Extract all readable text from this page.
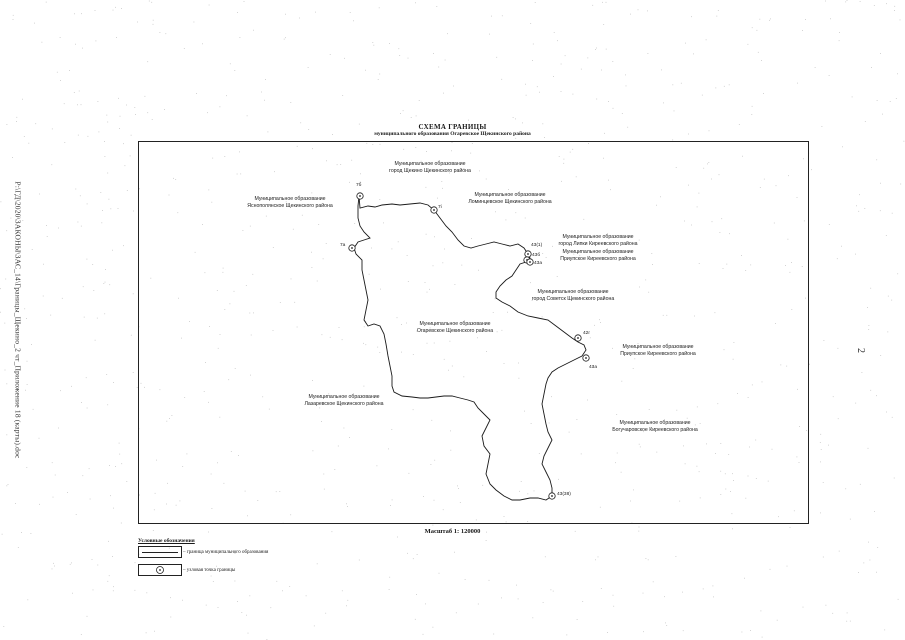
P:\ГД\2020\ЗАКОНЫ\ЗАС_14\Границы_Щекино_2 чт_Приложение 18 (карты).doc	2
СХЕМА ГРАНИЦЫ
муниципального образования Огаревское Щекинского района
7б
7і
7а	43(1)
43б
43а
42г
43а
43(38)
Муниципальное образование
город Щекино Щекинского района
Муниципальное образование
Ломинцевское Щекинского района
Муниципальное образование
Яснополянское Щекинского района
Муниципальное образование
город Липки Киреевского района
Муниципальное образование
Приупское Киреевского района
Муниципальное образование
город Советск Щекинского района
Муниципальное образование
Огаревское Щекинского района
Муниципальное образование
Приупское Киреевского района
Муниципальное образование
Лазаревское Щекинского района
Муниципальное образование
Богучаровское Киреевского района
Масштаб 1: 120000
Условные обозначения
– граница муниципального образования
– узловая точка границы
